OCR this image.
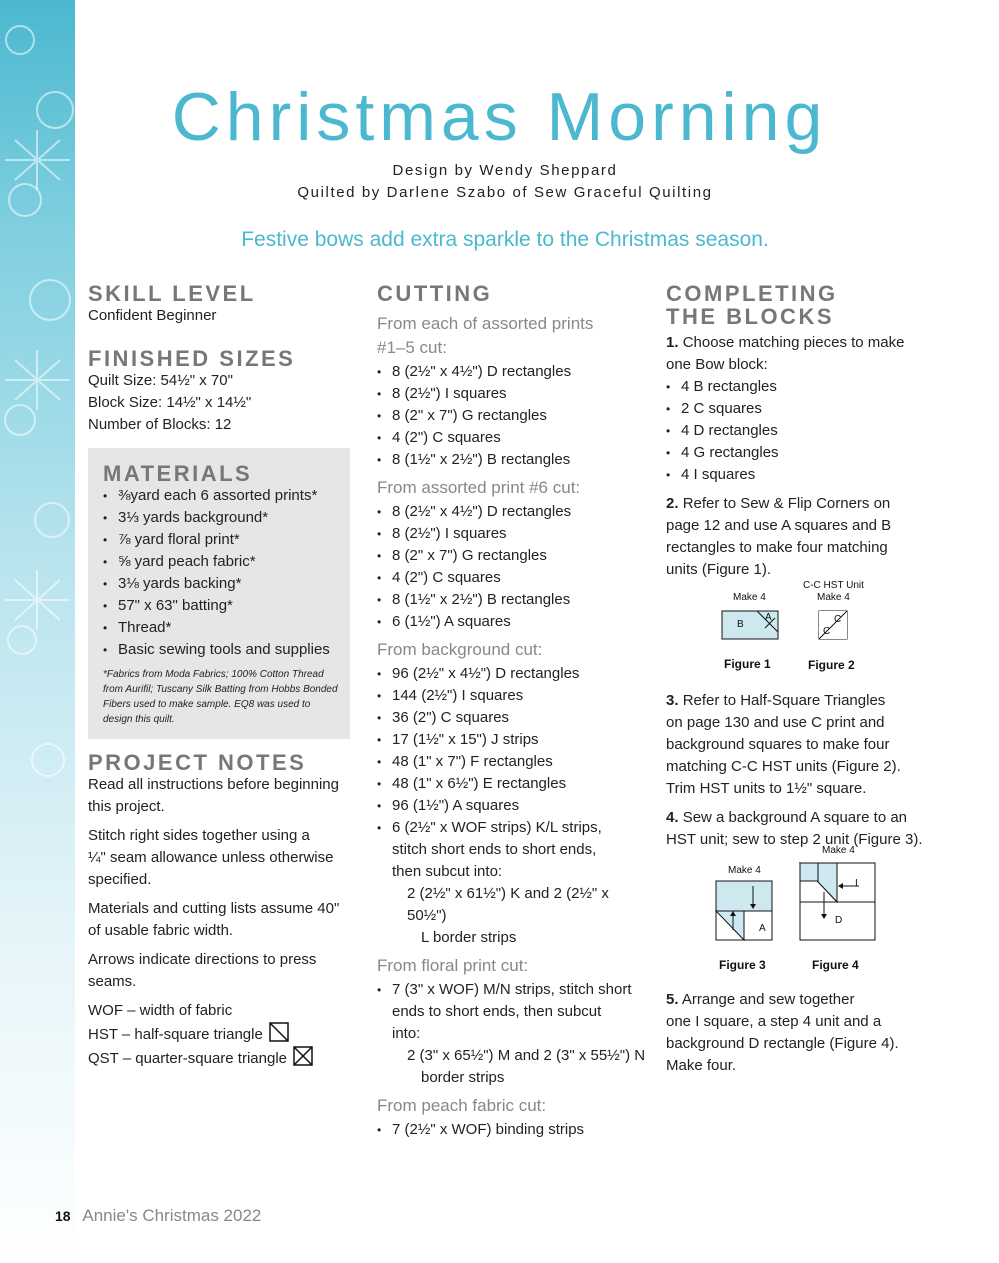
Christmas Morning
Design by Wendy Sheppard
Quilted by Darlene Szabo of Sew Graceful Quilting
Festive bows add extra sparkle to the Christmas season.
SKILL LEVEL

Confident Beginner

FINISHED SIZES

Quilt Size: 54½" x 70"

Block Size: 14½" x 14½"

Number of Blocks: 12

MATERIALS
• ⅜yard each 6 assorted prints*
• 3⅓ yards background*
• ⅞ yard floral print*
• ⅝ yard peach fabric*
• 3⅛ yards backing*
• 57" x 63" batting*
• Thread*
• Basic sewing tools and supplies

*Fabrics from Moda Fabrics; 100% Cotton Thread from Aurifil; Tuscany Silk Batting from Hobbs Bonded Fibers used to make sample. EQ8 was used to design this quilt.

PROJECT NOTES

Read all instructions before beginning

this project.

Stitch right sides together using a

¼" seam allowance unless otherwise

specified.

Materials and cutting lists assume 40"

of usable fabric width.

Arrows indicate directions to press

seams.

WOF – width of fabric

HST – half-square triangle

QST – quarter-square triangle

CUTTING

From each of assorted prints

#1–5 cut:

• 8 (2½" x 4½") D rectangles
• 8 (2½") I squares
• 8 (2" x 7") G rectangles
• 4 (2") C squares
• 8 (1½" x 2½") B rectangles

From assorted print #6 cut:

• 8 (2½" x 4½") D rectangles
• 8 (2½") I squares
• 8 (2" x 7") G rectangles
• 4 (2") C squares
• 8 (1½" x 2½") B rectangles
• 6 (1½") A squares

From background cut:

• 96 (2½" x 4½") D rectangles
• 144 (2½") I squares
• 36 (2") C squares
• 17 (1½" x 15") J strips
• 48 (1" x 7") F rectangles
• 48 (1" x 6½") E rectangles
• 96 (1½") A squares
• 6 (2½" x WOF strips) K/L strips,

stitch short ends to short ends,

then subcut into:

2 (2½" x 61½") K and 2 (2½" x 50½")

L border strips

From floral print cut:

• 7 (3" x WOF) M/N strips, stitch short

ends to short ends, then subcut

into:

2 (3" x 65½") M and 2 (3" x 55½") N

border strips

From peach fabric cut:

• 7 (2½" x WOF) binding strips
COMPLETING
THE BLOCKS

1. Choose matching pieces to make

one Bow block:

• 4 B rectangles
• 2 C squares
• 4 D rectangles
• 4 G rectangles
• 4 I squares

2. Refer to Sew & Flip Corners on

page 12 and use A squares and B

rectangles to make four matching

units (Figure 1).

3. Refer to Half-Square Triangles

on page 130 and use C print and

background squares to make four

matching C-C HST units (Figure 2).

Trim HST units to 1½" square.

4. Sew a background A square to an

HST unit; sew to step 2 unit (Figure 3).

5. Arrange and sew together

one I square, a step 4 unit and a

background D rectangle (Figure 4).

Make four.

Make 4
B
A
Figure 1
C-C HST Unit
Make 4
C
C
Figure 2
Make 4
A
Figure 3
Make 4
I
D
Figure 4
18 Annie's Christmas 2022
